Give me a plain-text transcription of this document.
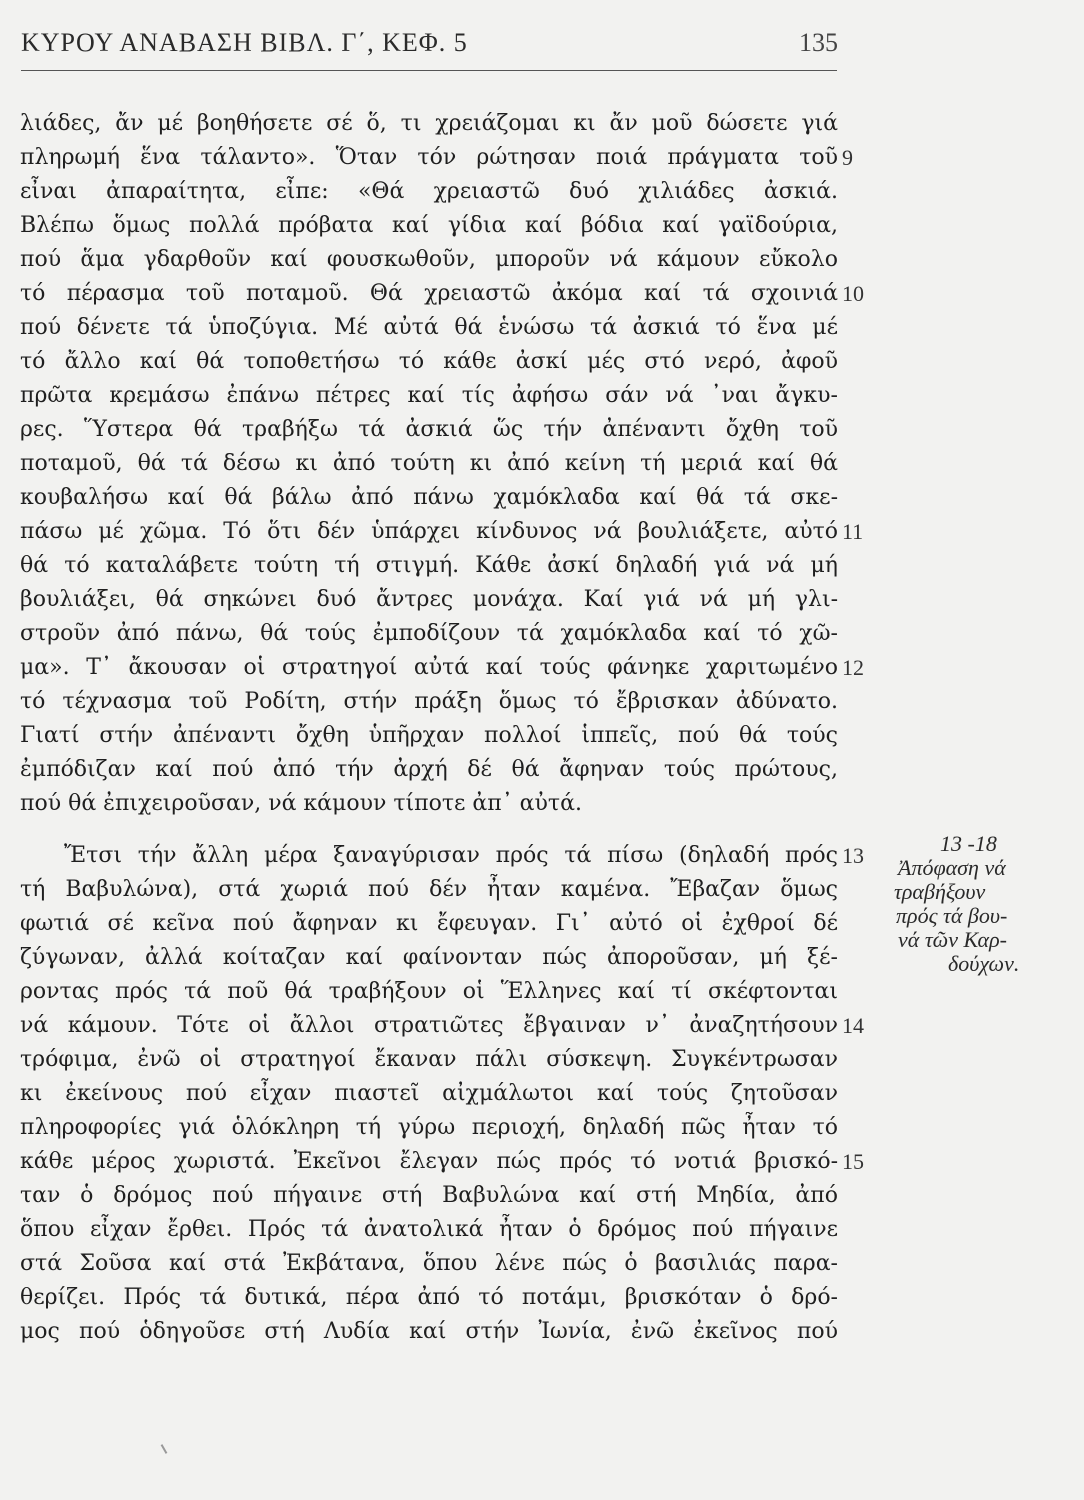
ΚΥΡΟΥ ΑΝΑΒΑΣΗ ΒΙΒΛ. Γ΄, ΚΕΦ. 5	135
λιάδες, ἄν μέ βοηθήσετε σέ ὅ, τι χρειάζομαι κι ἄν μοῦ δώσετε γιά
πληρωμή ἕνα τάλαντο». Ὅταν τόν ρώτησαν ποιά πράγματα τοῦ
εἶναι ἀπαραίτητα, εἶπε: «Θά χρειαστῶ δυό χιλιάδες ἀσκιά.
Βλέπω ὅμως πολλά πρόβατα καί γίδια καί βόδια καί γαϊδούρια,
πού ἅμα γδαρθοῦν καί φουσκωθοῦν, μποροῦν νά κάμουν εὔκολο
τό πέρασμα τοῦ ποταμοῦ. Θά χρειαστῶ ἀκόμα καί τά σχοινιά
πού δένετε τά ὑποζύγια. Μέ αὐτά θά ἑνώσω τά ἀσκιά τό ἕνα μέ
τό ἄλλο καί θά τοποθετήσω τό κάθε ἀσκί μές στό νερό, ἀφοῦ
πρῶτα κρεμάσω ἐπάνω πέτρες καί τίς ἀφήσω σάν νά ᾿ναι ἄγκυ-
ρες. Ὕστερα θά τραβήξω τά ἀσκιά ὥς τήν ἀπέναντι ὄχθη τοῦ
ποταμοῦ, θά τά δέσω κι ἀπό τούτη κι ἀπό κείνη τή μεριά καί θά
κουβαλήσω καί θά βάλω ἀπό πάνω χαμόκλαδα καί θά τά σκε-
πάσω μέ χῶμα. Τό ὅτι δέν ὑπάρχει κίνδυνος νά βουλιάξετε, αὐτό
θά τό καταλάβετε τούτη τή στιγμή. Κάθε ἀσκί δηλαδή γιά νά μή
βουλιάξει, θά σηκώνει δυό ἄντρες μονάχα. Καί γιά νά μή γλι-
στροῦν ἀπό πάνω, θά τούς ἐμποδίζουν τά χαμόκλαδα καί τό χῶ-
μα». Τ᾿ ἄκουσαν οἱ στρατηγοί αὐτά καί τούς φάνηκε χαριτωμένο
τό τέχνασμα τοῦ Ροδίτη, στήν πράξη ὅμως τό ἔβρισκαν ἀδύνατο.
Γιατί στήν ἀπέναντι ὄχθη ὑπῆρχαν πολλοί ἱππεῖς, πού θά τούς
ἐμπόδιζαν καί πού ἀπό τήν ἀρχή δέ θά ἄφηναν τούς πρώτους,
πού θά ἐπιχειροῦσαν, νά κάμουν τίποτε ἀπ᾿ αὐτά.
Ἔτσι τήν ἄλλη μέρα ξαναγύρισαν πρός τά πίσω (δηλαδή πρός
τή Βαβυλώνα), στά χωριά πού δέν ἦταν καμένα. Ἔβαζαν ὅμως
φωτιά σέ κεῖνα πού ἄφηναν κι ἔφευγαν. Γι᾿ αὐτό οἱ ἐχθροί δέ
ζύγωναν, ἀλλά κοίταζαν καί φαίνονταν πώς ἀποροῦσαν, μή ξέ-
ροντας πρός τά ποῦ θά τραβήξουν οἱ Ἕλληνες καί τί σκέφτονται
νά κάμουν. Τότε οἱ ἄλλοι στρατιῶτες ἔβγαιναν ν᾿ ἀναζητήσουν
τρόφιμα, ἐνῶ οἱ στρατηγοί ἔκαναν πάλι σύσκεψη. Συγκέντρωσαν
κι ἐκείνους πού εἶχαν πιαστεῖ αἰχμάλωτοι καί τούς ζητοῦσαν
πληροφορίες γιά ὁλόκληρη τή γύρω περιοχή, δηλαδή πῶς ἦταν τό
κάθε μέρος χωριστά. Ἐκεῖνοι ἔλεγαν πώς πρός τό νοτιά βρισκό-
ταν ὁ δρόμος πού πήγαινε στή Βαβυλώνα καί στή Μηδία, ἀπό
ὅπου εἶχαν ἔρθει. Πρός τά ἀνατολικά ἦταν ὁ δρόμος πού πήγαινε
στά Σοῦσα καί στά Ἐκβάτανα, ὅπου λένε πώς ὁ βασιλιάς παρα-
θερίζει. Πρός τά δυτικά, πέρα ἀπό τό ποτάμι, βρισκόταν ὁ δρό-
μος πού ὁδηγοῦσε στή Λυδία καί στήν Ἰωνία, ἐνῶ ἐκεῖνος πού
9
10
11
12
13
14
15
13 -18
Ἀπόφαση νά
τραβήξουν
πρός τά βου-
νά τῶν Καρ-
δούχων.
